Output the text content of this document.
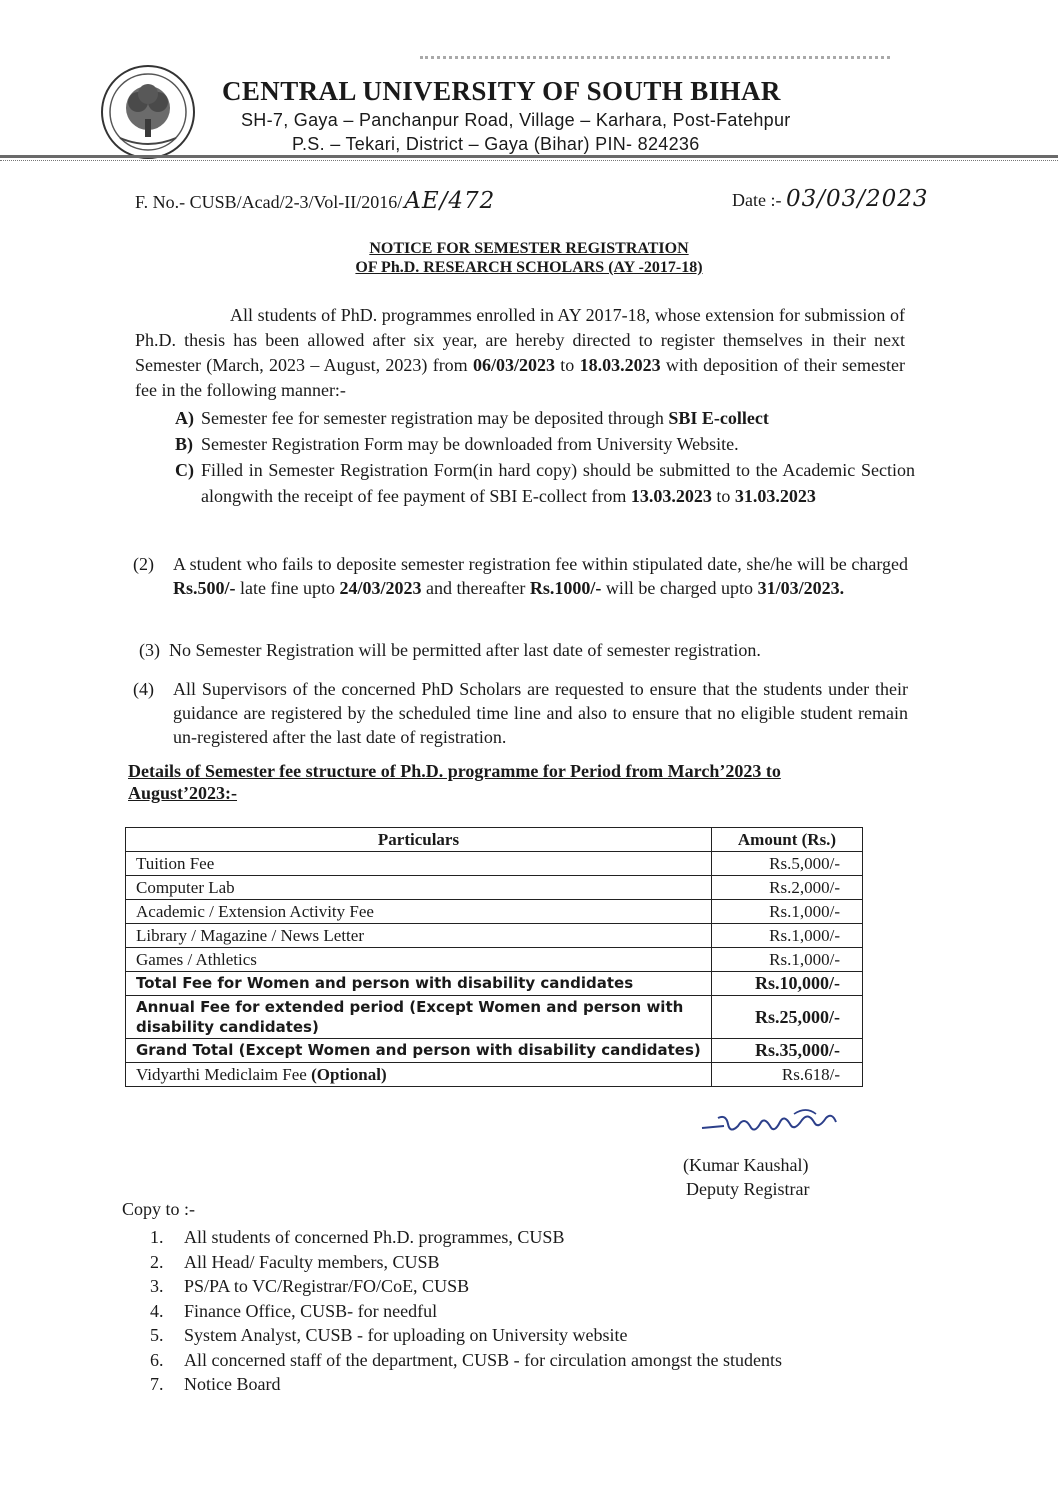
CENTRAL UNIVERSITY OF SOUTH BIHAR
SH-7, Gaya – Panchanpur Road, Village – Karhara, Post-Fatehpur
P.S. – Tekari, District – Gaya (Bihar) PIN- 824236
F. No.- CUSB/Acad/2-3/Vol-II/2016/AE/472	Date :- 03/03/2023
NOTICE FOR SEMESTER REGISTRATION
OF Ph.D. RESEARCH SCHOLARS (AY -2017-18)
All students of PhD. programmes enrolled in AY 2017-18, whose extension for submission of Ph.D. thesis has been allowed after six year, are hereby directed to register themselves in their next Semester (March, 2023 – August, 2023) from 06/03/2023 to 18.03.2023 with deposition of their semester fee in the following manner:-
A) Semester fee for semester registration may be deposited through SBI E-collect
B) Semester Registration Form may be downloaded from University Website.
C) Filled in Semester Registration Form(in hard copy) should be submitted to the Academic Section alongwith the receipt of fee payment of SBI E-collect from 13.03.2023 to 31.03.2023
(2)	A student who fails to deposite semester registration fee within stipulated date, she/he will be charged Rs.500/- late fine upto 24/03/2023 and thereafter Rs.1000/- will be charged upto 31/03/2023.
(3) No Semester Registration will be permitted after last date of semester registration.
(4)	All Supervisors of the concerned PhD Scholars are requested to ensure that the students under their guidance are registered by the scheduled time line and also to ensure that no eligible student remain un-registered after the last date of registration.
Details of Semester fee structure of Ph.D. programme for Period from March’2023 to August’2023:-
Particulars	Amount (Rs.)
Tuition Fee	Rs.5,000/-
Computer Lab	Rs.2,000/-
Academic / Extension Activity Fee	Rs.1,000/-
Library / Magazine / News Letter	Rs.1,000/-
Games / Athletics	Rs.1,000/-
Total Fee for Women and person with disability candidates	Rs.10,000/-
Annual Fee for extended period (Except Women and person with disability candidates)	Rs.25,000/-
Grand Total (Except Women and person with disability candidates)	Rs.35,000/-
Vidyarthi Mediclaim Fee (Optional)	Rs.618/-
(Kumar Kaushal)
Deputy Registrar
Copy to :-
1.	All students of concerned Ph.D. programmes, CUSB
2.	All Head/ Faculty members, CUSB
3.	PS/PA to VC/Registrar/FO/CoE, CUSB
4.	Finance Office, CUSB- for needful
5.	System Analyst, CUSB - for uploading on University website
6.	All concerned staff of the department, CUSB - for circulation amongst the students
7.	Notice Board
